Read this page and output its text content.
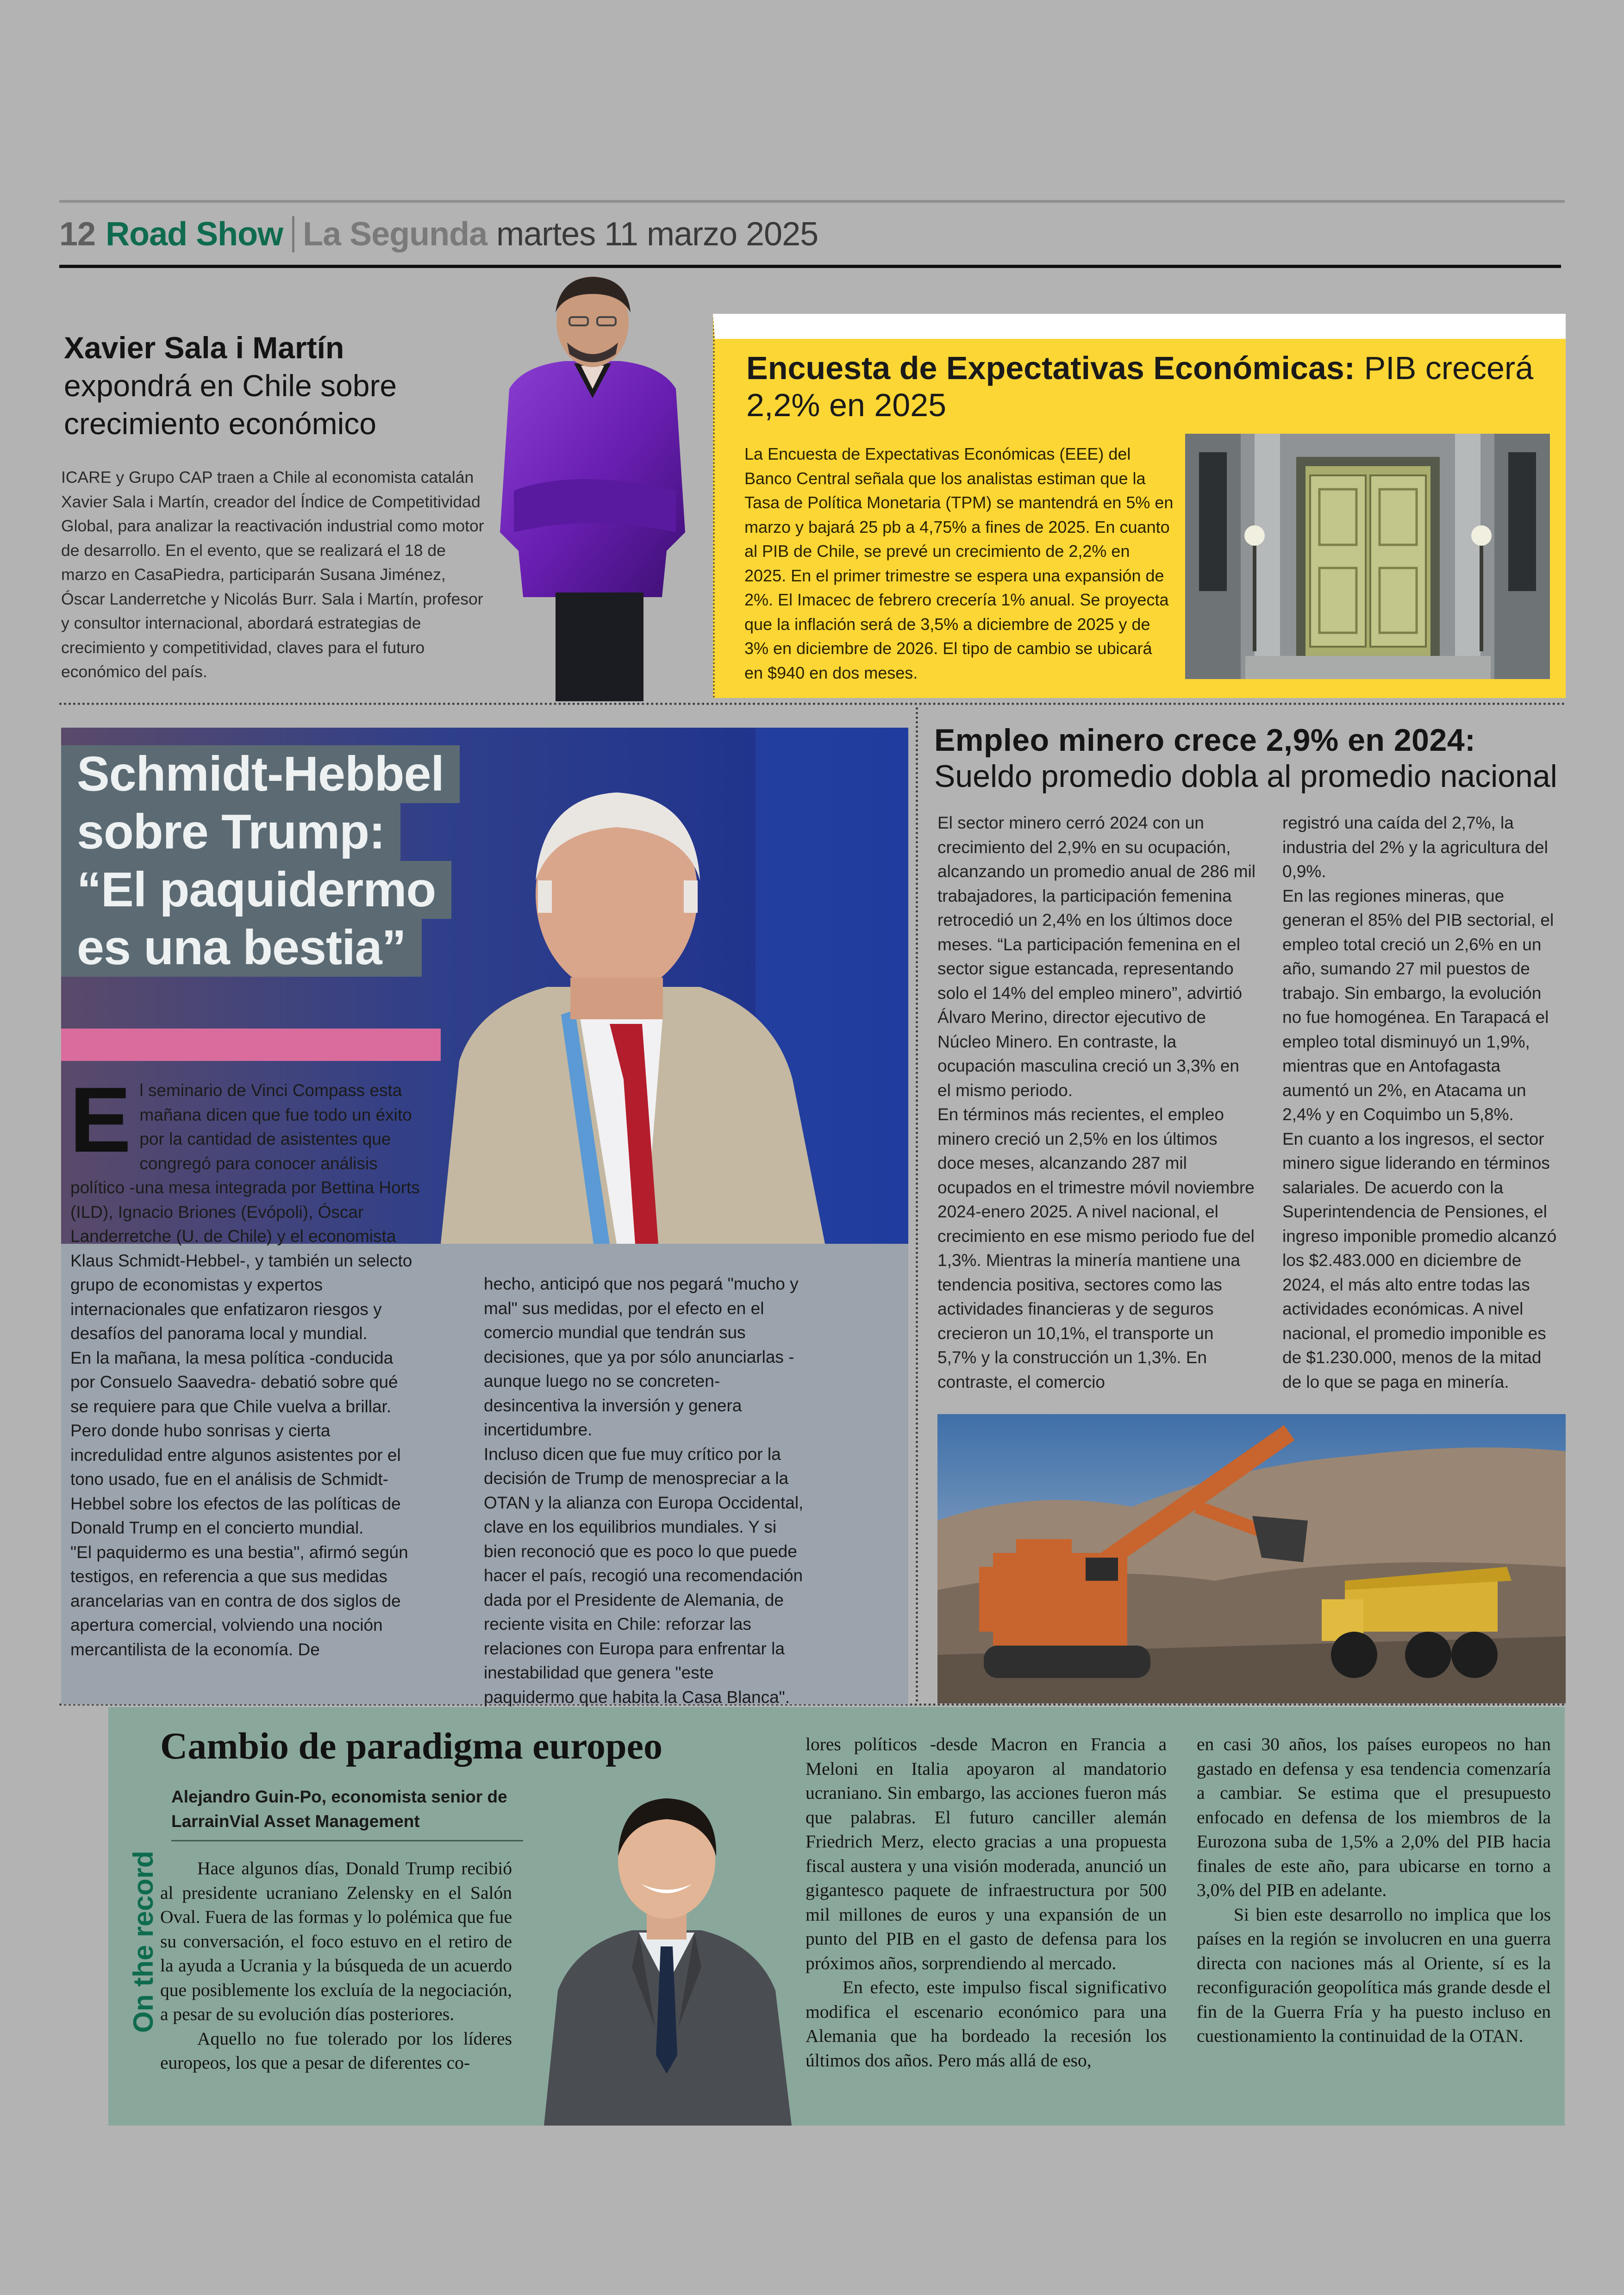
12 Road Show La Segunda martes 11 marzo 2025
Xavier Sala i Martín
expondrá en Chile sobre crecimiento económico
ICARE y Grupo CAP traen a Chile al economista catalán Xavier Sala i Martín, creador del Índice de Competitividad Global, para analizar la reactivación industrial como motor de desarrollo. En el evento, que se realizará el 18 de marzo en CasaPiedra, participarán Susana Jiménez, Óscar Landerretche y Nicolás Burr. Sala i Martín, profesor y consultor internacional, abordará estrategias de crecimiento y competitividad, claves para el futuro económico del país.
Encuesta de Expectativas Económicas: PIB crecerá 2,2% en 2025
La Encuesta de Expectativas Económicas (EEE) del Banco Central señala que los analistas estiman que la Tasa de Política Monetaria (TPM) se mantendrá en 5% en marzo y bajará 25 pb a 4,75% a fines de 2025. En cuanto al PIB de Chile, se prevé un crecimiento de 2,2% en 2025. En el primer trimestre se espera una expansión de 2%. El Imacec de febrero crecería 1% anual. Se proyecta que la inflación será de 3,5% a diciembre de 2025 y de 3% en diciembre de 2026. El tipo de cambio se ubicará en $940 en dos meses.
Schmidt-Hebbel
sobre Trump:
“El paquidermo
es una bestia”

El seminario de Vinci Compass esta mañana dicen que fue todo un éxito por la cantidad de asistentes que congregó para conocer análisis político -una mesa integrada por Bettina Horts (ILD), Ignacio Briones (Evópoli), Óscar Landerretche (U. de Chile) y el economista Klaus Schmidt-Hebbel-, y también un selecto grupo de economistas y expertos internacionales que enfatizaron riesgos y desafíos del panorama local y mundial.

En la mañana, la mesa política -conducida por Consuelo Saavedra- debatió sobre qué se requiere para que Chile vuelva a brillar. Pero donde hubo sonrisas y cierta incredulidad entre algunos asistentes por el tono usado, fue en el análisis de Schmidt-Hebbel sobre los efectos de las políticas de Donald Trump en el concierto mundial.

"El paquidermo es una bestia", afirmó según testigos, en referencia a que sus medidas arancelarias van en contra de dos siglos de apertura comercial, volviendo una noción mercantilista de la economía. De

hecho, anticipó que nos pegará "mucho y mal" sus medidas, por el efecto en el comercio mundial que tendrán sus decisiones, que ya por sólo anunciarlas -aunque luego no se concreten- desincentiva la inversión y genera incertidumbre.

Incluso dicen que fue muy crítico por la decisión de Trump de menospreciar a la OTAN y la alianza con Europa Occidental, clave en los equilibrios mundiales. Y si bien reconoció que es poco lo que puede hacer el país, recogió una recomendación dada por el Presidente de Alemania, de reciente visita en Chile: reforzar las relaciones con Europa para enfrentar la inestabilidad que genera "este paquidermo que habita la Casa Blanca".

Empleo minero crece 2,9% en 2024:
Sueldo promedio dobla al promedio nacional

El sector minero cerró 2024 con un crecimiento del 2,9% en su ocupación, alcanzando un promedio anual de 286 mil trabajadores, la participación femenina retrocedió un 2,4% en los últimos doce meses. “La participación femenina en el sector sigue estancada, representando solo el 14% del empleo minero”, advirtió Álvaro Merino, director ejecutivo de Núcleo Minero. En contraste, la ocupación masculina creció un 3,3% en el mismo periodo.

En términos más recientes, el empleo minero creció un 2,5% en los últimos doce meses, alcanzando 287 mil ocupados en el trimestre móvil noviembre 2024-enero 2025. A nivel nacional, el crecimiento en ese mismo periodo fue del 1,3%. Mientras la minería mantiene una tendencia positiva, sectores como las actividades financieras y de seguros crecieron un 10,1%, el transporte un 5,7% y la construcción un 1,3%. En contraste, el comercio

registró una caída del 2,7%, la industria del 2% y la agricultura del 0,9%.

En las regiones mineras, que generan el 85% del PIB sectorial, el empleo total creció un 2,6% en un año, sumando 27 mil puestos de trabajo. Sin embargo, la evolución no fue homogénea. En Tarapacá el empleo total disminuyó un 1,9%, mientras que en Antofagasta aumentó un 2%, en Atacama un 2,4% y en Coquimbo un 5,8%.

En cuanto a los ingresos, el sector minero sigue liderando en términos salariales. De acuerdo con la Superintendencia de Pensiones, el ingreso imponible promedio alcanzó los $2.483.000 en diciembre de 2024, el más alto entre todas las actividades económicas. A nivel nacional, el promedio imponible es de $1.230.000, menos de la mitad de lo que se paga en minería.

On the record
Cambio de paradigma europeo
Alejandro Guin-Po, economista senior de LarrainVial Asset Management

Hace algunos días, Donald Trump recibió al presidente ucraniano Zelensky en el Salón Oval. Fuera de las formas y lo polémica que fue su conversación, el foco estuvo en el retiro de la ayuda a Ucrania y la búsqueda de un acuerdo que posiblemente los excluía de la negociación, a pesar de su evolución días posteriores.

Aquello no fue tolerado por los líderes europeos, los que a pesar de diferentes co-

lores políticos -desde Macron en Francia a Meloni en Italia apoyaron al mandatorio ucraniano. Sin embargo, las acciones fueron más que palabras. El futuro canciller alemán Friedrich Merz, electo gracias a una propuesta fiscal austera y una visión moderada, anunció un gigantesco paquete de infraestructura por 500 mil millones de euros y una expansión de un punto del PIB en el gasto de defensa para los próximos años, sorprendiendo al mercado.

En efecto, este impulso fiscal significativo modifica el escenario económico para una Alemania que ha bordeado la recesión los últimos dos años. Pero más allá de eso,

en casi 30 años, los países europeos no han gastado en defensa y esa tendencia comenzaría a cambiar. Se estima que el presupuesto enfocado en defensa de los miembros de la Eurozona suba de 1,5% a 2,0% del PIB hacia finales de este año, para ubicarse en torno a 3,0% del PIB en adelante.

Si bien este desarrollo no implica que los países en la región se involucren en una guerra directa con naciones más al Oriente, sí es la reconfiguración geopolítica más grande desde el fin de la Guerra Fría y ha puesto incluso en cuestionamiento la continuidad de la OTAN.
